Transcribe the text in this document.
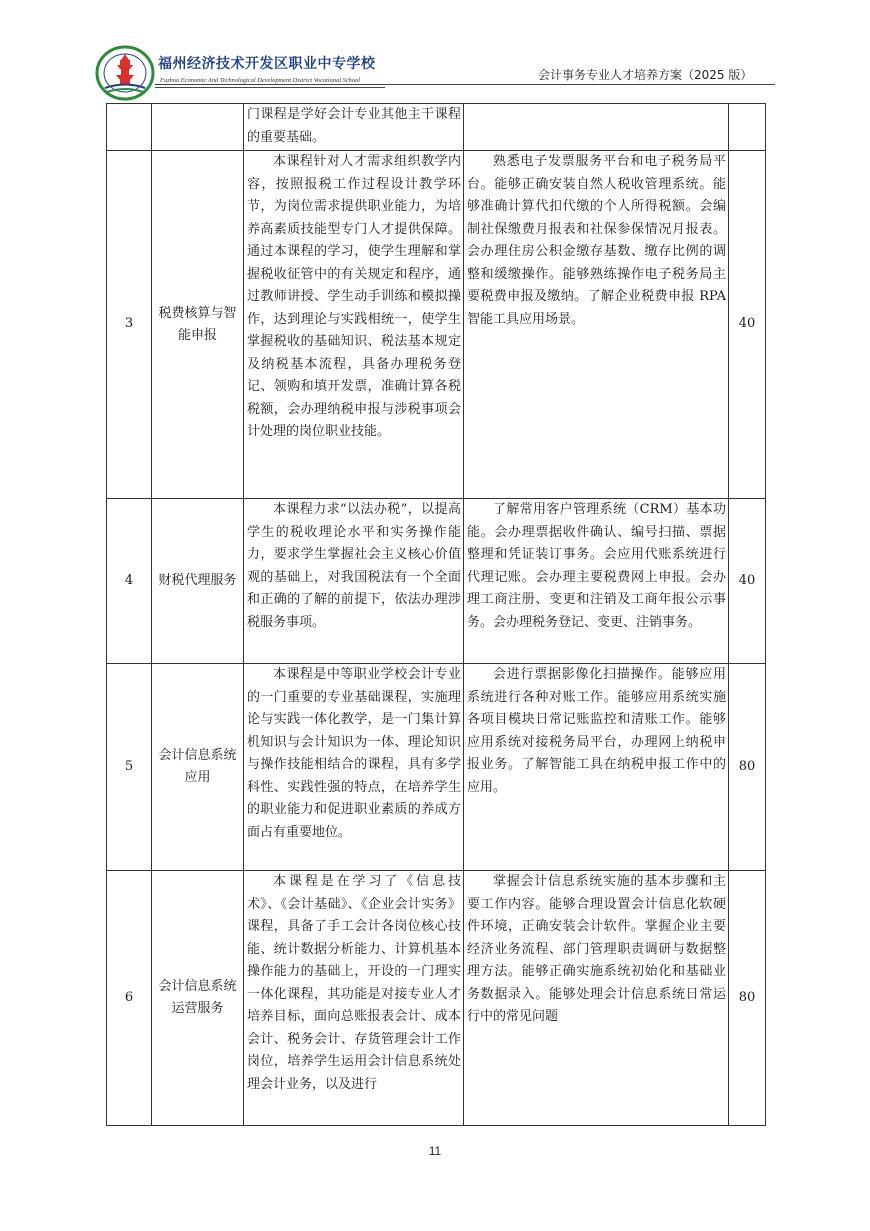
福州经济技术开发区职业中专学校
Fuzhou Economic And Technological Development District Vocational School	会计事务专业人才培养方案（2025 版）

		门课程是学好会计专业其他主干课程的重要基础。		

3	税费核算与智能申报	本课程针对人才需求组织教学内容，按照报税工作过程设计教学环节，为岗位需求提供职业能力，为培养高素质技能型专门人才提供保障。通过本课程的学习，使学生理解和掌握税收征管中的有关规定和程序，通过教师讲授、学生动手训练和模拟操作，达到理论与实践相统一，使学生掌握税收的基础知识、税法基本规定及纳税基本流程，具备办理税务登记、领购和填开发票，准确计算各税税额，会办理纳税申报与涉税事项会计处理的岗位职业技能。	熟悉电子发票服务平台和电子税务局平台。能够正确安装自然人税收管理系统。能够准确计算代扣代缴的个人所得税额。会编制社保缴费月报表和社保参保情况月报表。会办理住房公积金缴存基数、缴存比例的调整和缓缴操作。能够熟练操作电子税务局主要税费申报及缴纳。了解企业税费申报 RPA 智能工具应用场景。	40
4	财税代理服务	本课程力求“以法办税”，以提高学生的税收理论水平和实务操作能力，要求学生掌握社会主义核心价值观的基础上，对我国税法有一个全面和正确的了解的前提下，依法办理涉税服务事项。	了解常用客户管理系统（CRM）基本功能。会办理票据收件确认、编号扫描、票据整理和凭证装订事务。会应用代账系统进行代理记账。会办理主要税费网上申报。会办理工商注册、变更和注销及工商年报公示事务。会办理税务登记、变更、注销事务。	40
5	会计信息系统应用	本课程是中等职业学校会计专业的一门重要的专业基础课程，实施理论与实践一体化教学，是一门集计算机知识与会计知识为一体、理论知识与操作技能相结合的课程，具有多学科性、实践性强的特点，在培养学生的职业能力和促进职业素质的养成方面占有重要地位。	会进行票据影像化扫描操作。能够应用系统进行各种对账工作。能够应用系统实施各项目模块日常记账监控和清账工作。能够应用系统对接税务局平台，办理网上纳税申报业务。了解智能工具在纳税申报工作中的应用。	80
6	会计信息系统运营服务	本课程是在学习了《信息技术》、《会计基础》、《企业会计实务》课程，具备了手工会计各岗位核心技能、统计数据分析能力、计算机基本操作能力的基础上，开设的一门理实一体化课程，其功能是对接专业人才培养目标，面向总账报表会计、成本会计、税务会计、存货管理会计工作岗位，培养学生运用会计信息系统处理会计业务，以及进行	掌握会计信息系统实施的基本步骤和主要工作内容。能够合理设置会计信息化软硬件环境，正确安装会计软件。掌握企业主要经济业务流程、部门管理职责调研与数据整理方法。能够正确实施系统初始化和基础业务数据录入。能够处理会计信息系统日常运行中的常见问题	80
11
